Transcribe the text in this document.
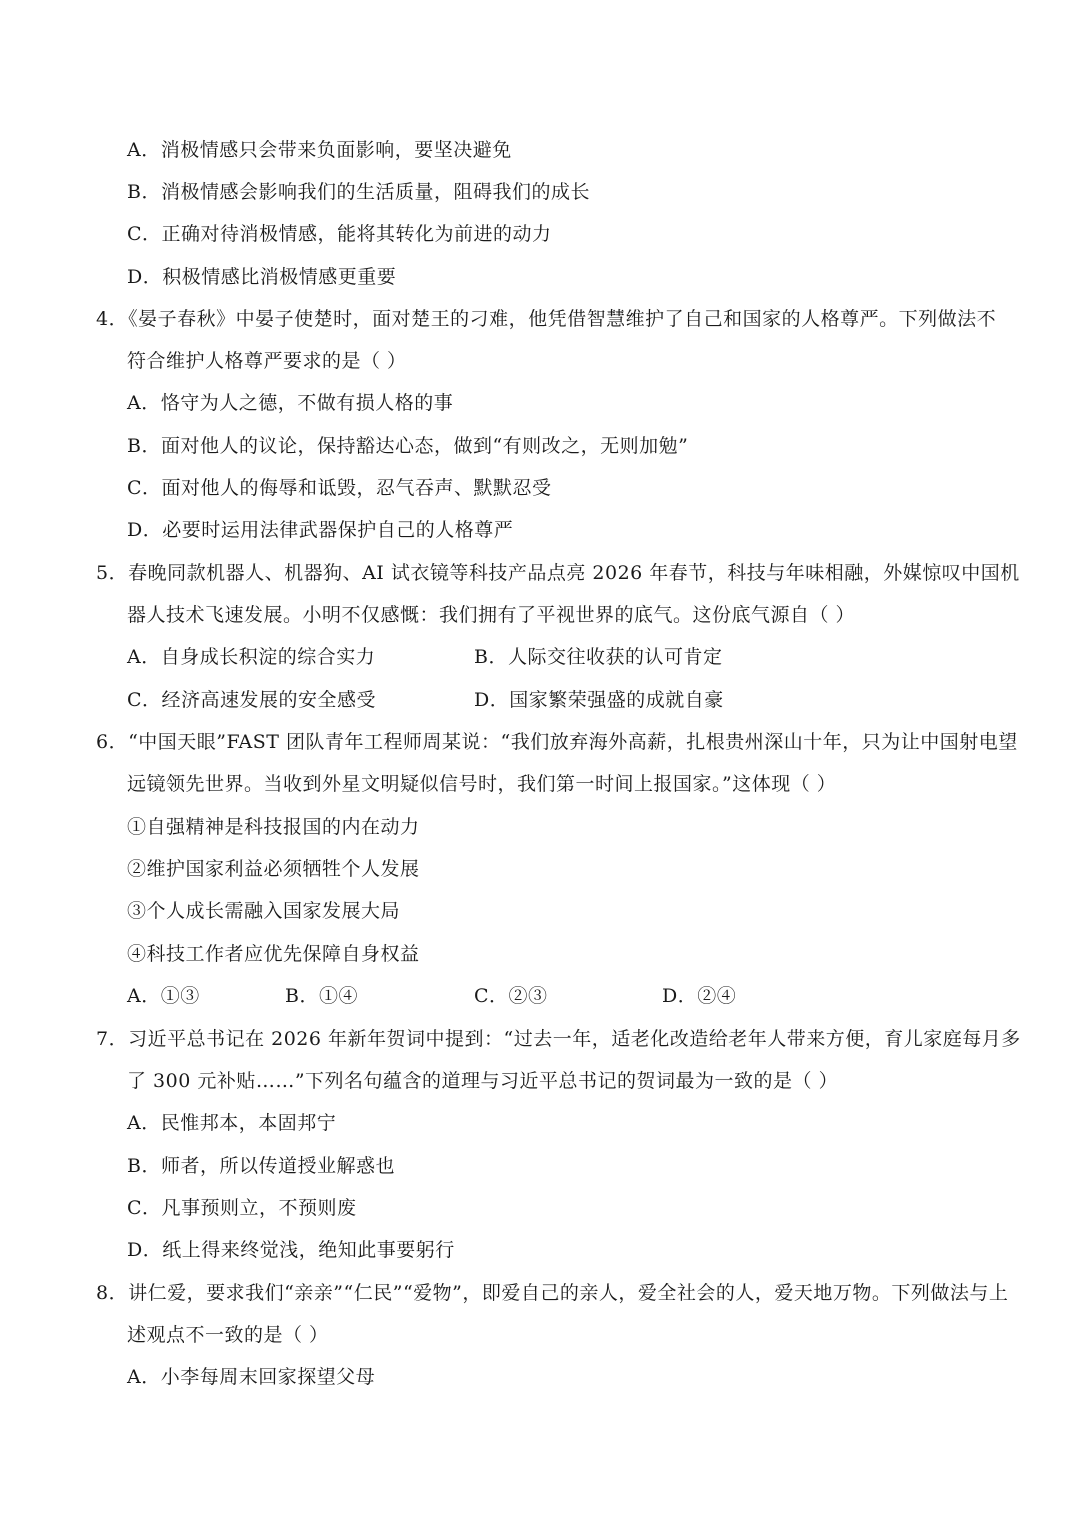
A．消极情感只会带来负面影响，要坚决避免
B．消极情感会影响我们的生活质量，阻碍我们的成长
C．正确对待消极情感，能将其转化为前进的动力
D．积极情感比消极情感更重要
4．《晏子春秋》中晏子使楚时，面对楚王的刁难，他凭借智慧维护了自己和国家的人格尊严。下列做法不
符合维护人格尊严要求的是（ ）
A．恪守为人之德，不做有损人格的事
B．面对他人的议论，保持豁达心态，做到“有则改之，无则加勉”
C．面对他人的侮辱和诋毁，忍气吞声、默默忍受
D．必要时运用法律武器保护自己的人格尊严
5．春晚同款机器人、机器狗、AI 试衣镜等科技产品点亮 2026 年春节，科技与年味相融，外媒惊叹中国机
器人技术飞速发展。小明不仅感慨：我们拥有了平视世界的底气。这份底气源自（ ）
A．自身成长积淀的综合实力	B．人际交往收获的认可肯定
C．经济高速发展的安全感受	D．国家繁荣强盛的成就自豪
6．“中国天眼”FAST 团队青年工程师周某说：“我们放弃海外高薪，扎根贵州深山十年，只为让中国射电望
远镜领先世界。当收到外星文明疑似信号时，我们第一时间上报国家。”这体现（ ）
①自强精神是科技报国的内在动力
②维护国家利益必须牺牲个人发展
③个人成长需融入国家发展大局
④科技工作者应优先保障自身权益
A．①③	B．①④	C．②③	D．②④
7．习近平总书记在 2026 年新年贺词中提到：“过去一年，适老化改造给老年人带来方便，育儿家庭每月多
了 300 元补贴……”下列名句蕴含的道理与习近平总书记的贺词最为一致的是（ ）
A．民惟邦本，本固邦宁
B．师者，所以传道授业解惑也
C．凡事预则立，不预则废
D．纸上得来终觉浅，绝知此事要躬行
8．讲仁爱，要求我们“亲亲”“仁民”“爱物”，即爱自己的亲人，爱全社会的人，爱天地万物。下列做法与上
述观点不一致的是（ ）
A．小李每周末回家探望父母
